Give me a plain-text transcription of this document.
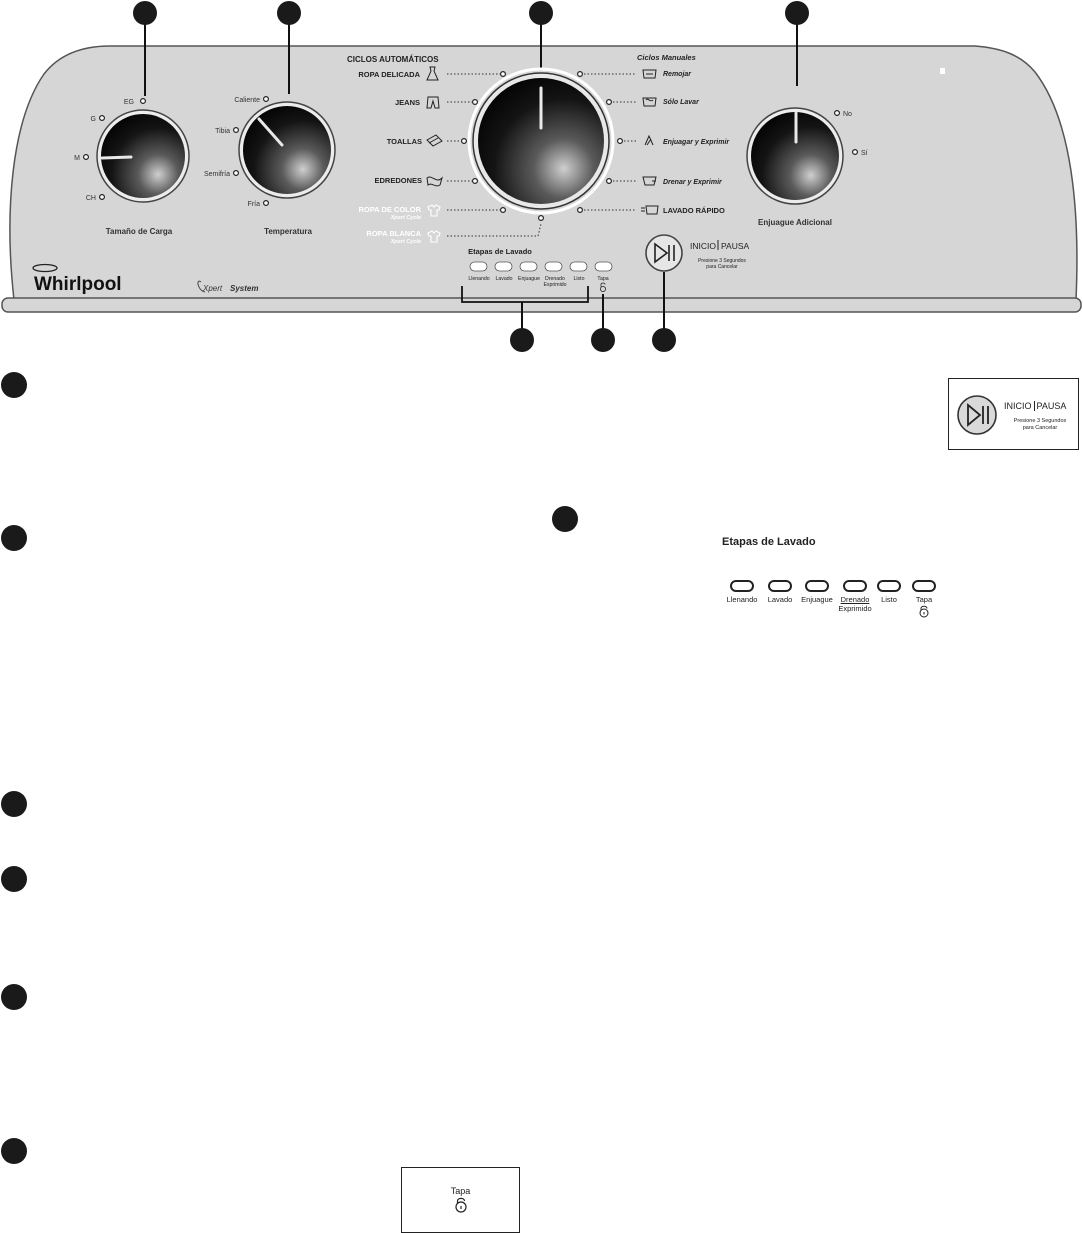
EG
G
M
CH
Tamaño de Carga
Caliente
Tibia
Semifría
Fría
Temperatura
CICLOS AUTOMÁTICOS
ROPA DELICADA
JEANS
TOALLAS
EDREDONES
ROPA DE COLOR
Xpert Cycle
ROPA BLANCA
Xpert Cycle
Ciclos Manuales
Remojar
Sólo Lavar
Enjuagar y Exprimir
Drenar y Exprimir
LAVADO RÁPIDO
No
Sí
Enjuague Adicional
Etapas de Lavado
Llenando Lavado Enjuague Drenado
Exprimido
Listo Tapa
INICIO PAUSA
Presione 3 Segundos
para Cancelar
Whirlpool	Xpert System
INICIO PAUSA
Presione 3 Segundos
para Cancelar
Etapas de Lavado
Llenando	Lavado	Enjuague	Drenado
Exprimido
Listo	Tapa
Tapa
